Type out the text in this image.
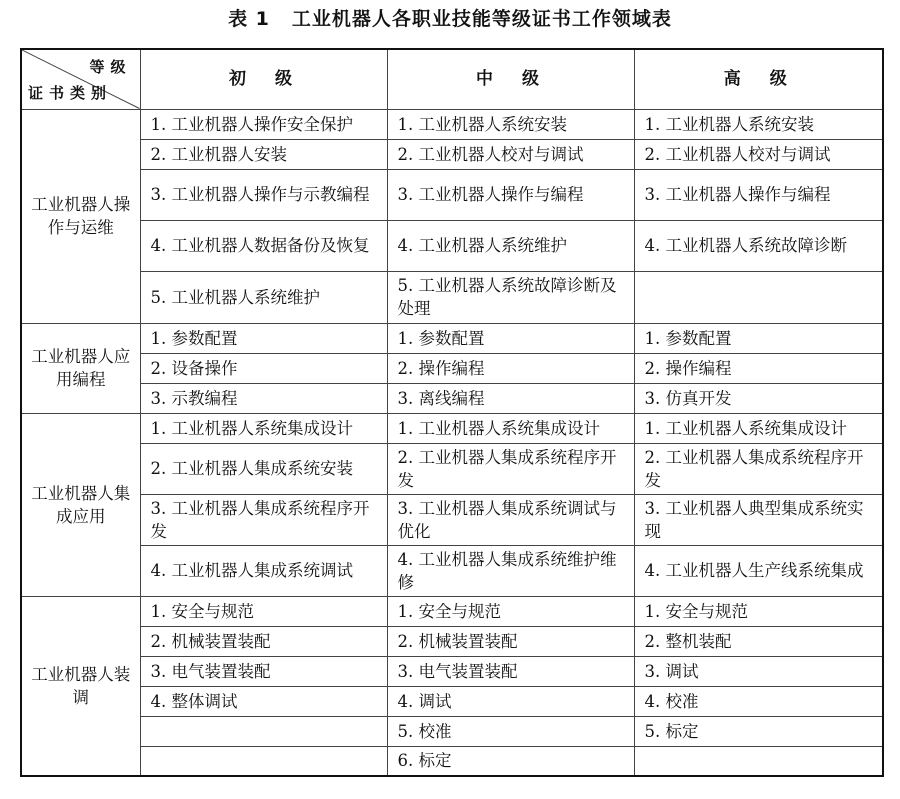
表 1 工业机器人各职业技能等级证书工作领域表
等级
证书类别	初　级	中　级	高　级
工业机器人操作与运维	1. 工业机器人操作安全保护	1. 工业机器人系统安装	1. 工业机器人系统安装
	2. 工业机器人安装	2. 工业机器人校对与调试	2. 工业机器人校对与调试
	3. 工业机器人操作与示教编程	3. 工业机器人操作与编程	3. 工业机器人操作与编程
	4. 工业机器人数据备份及恢复	4. 工业机器人系统维护	4. 工业机器人系统故障诊断
	5. 工业机器人系统维护	5. 工业机器人系统故障诊断及处理	
工业机器人应用编程	1. 参数配置	1. 参数配置	1. 参数配置
	2. 设备操作	2. 操作编程	2. 操作编程
	3. 示教编程	3. 离线编程	3. 仿真开发
工业机器人集成应用	1. 工业机器人系统集成设计	1. 工业机器人系统集成设计	1. 工业机器人系统集成设计
	2. 工业机器人集成系统安装	2. 工业机器人集成系统程序开发	2. 工业机器人集成系统程序开发
	3. 工业机器人集成系统程序开发	3. 工业机器人集成系统调试与优化	3. 工业机器人典型集成系统实现
	4. 工业机器人集成系统调试	4. 工业机器人集成系统维护维修	4. 工业机器人生产线系统集成
工业机器人装调	1. 安全与规范	1. 安全与规范	1. 安全与规范
	2. 机械装置装配	2. 机械装置装配	2. 整机装配
	3. 电气装置装配	3. 电气装置装配	3. 调试
	4. 整体调试	4. 调试	4. 校准
		5. 校准	5. 标定
		6. 标定	
